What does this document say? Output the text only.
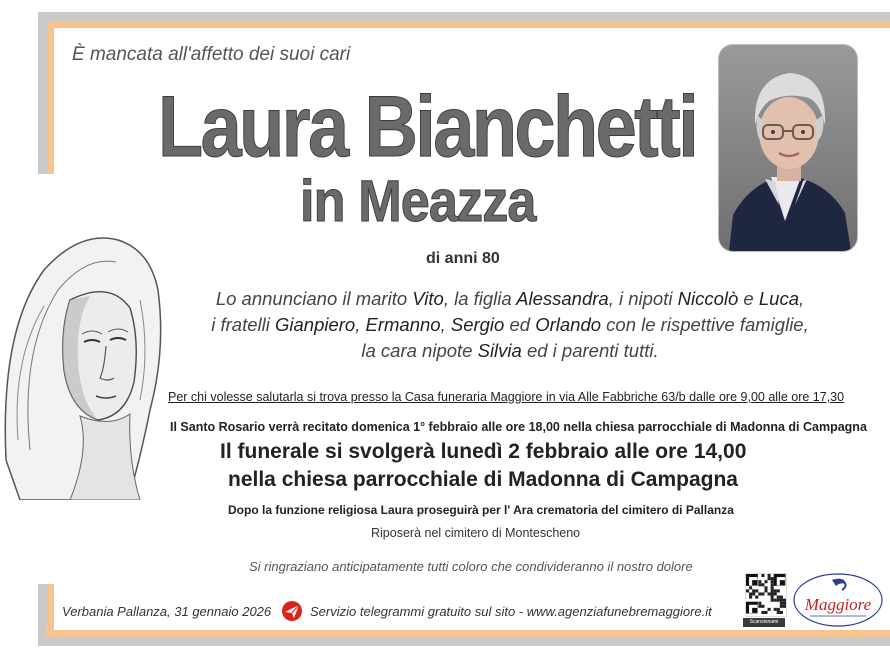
È mancata all'affetto dei suoi cari
Laura Bianchetti
in Meazza
di anni 80
Lo annunciano il marito Vito, la figlia Alessandra, i nipoti Niccolò e Luca,
i fratelli Gianpiero, Ermanno, Sergio ed Orlando con le rispettive famiglie,
la cara nipote Silvia ed i parenti tutti.
Per chi volesse salutarla si trova presso la Casa funeraria Maggiore in via Alle Fabbriche 63/b dalle ore 9,00 alle ore 17,30
Il Santo Rosario verrà recitato domenica 1° febbraio alle ore 18,00 nella chiesa parrocchiale di Madonna di Campagna
Il funerale si svolgerà lunedì 2 febbraio alle ore 14,00
nella chiesa parrocchiale di Madonna di Campagna
Dopo la funzione religiosa Laura proseguirà per l' Ara crematoria del cimitero di Pallanza
Riposerà nel cimitero di Montescheno
Si ringraziano anticipatamente tutti coloro che condivideranno il nostro dolore
Verbania Pallanza, 31 gennaio 2026	Servizio telegrammi gratuito sul sito - www.agenziafunebremaggiore.it
Scansionami
Maggiore
